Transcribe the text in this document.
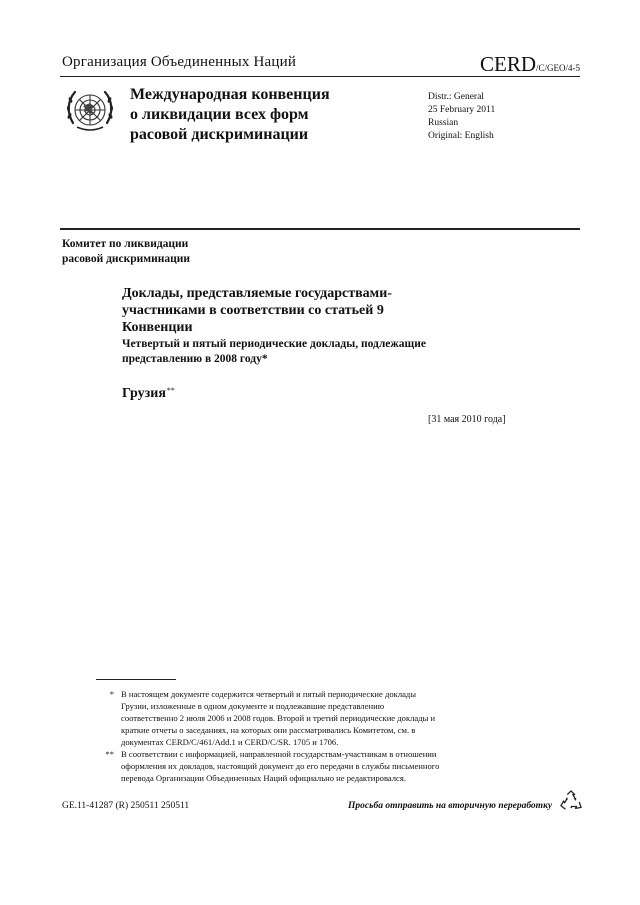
Организация Объединенных Наций	CERD/C/GEO/4-5
Международная конвенция
о ликвидации всех форм
расовой дискриминации
Distr.: General
25 February 2011
Russian
Original: English
Комитет по ликвидации
расовой дискриминации
Доклады, представляемые государствами-
участниками в соответствии со статьей 9 Конвенции
Четвертый и пятый периодические доклады, подлежащие
представлению в 2008 году*
Грузия**
[31 мая 2010 года]
* В настоящем документе содержится четвертый и пятый периодические доклады
Грузии, изложенные в одном документе и подлежавшие представлению
соответственно 2 июля 2006 и 2008 годов. Второй и третий периодические доклады и
краткие отчеты о заседаниях, на которых они рассматривались Комитетом, см. в
документах CERD/C/461/Add.1 и CERD/C/SR. 1705 и 1706.
** В соответствии с информацией, направленной государствам-участникам в отношении
оформления их докладов, настоящий документ до его передачи в службы письменного
перевода Организации Объединенных Наций официально не редактировался.
GE.11-41287 (R) 250511 250511	Просьба отправить на вторичную переработку
